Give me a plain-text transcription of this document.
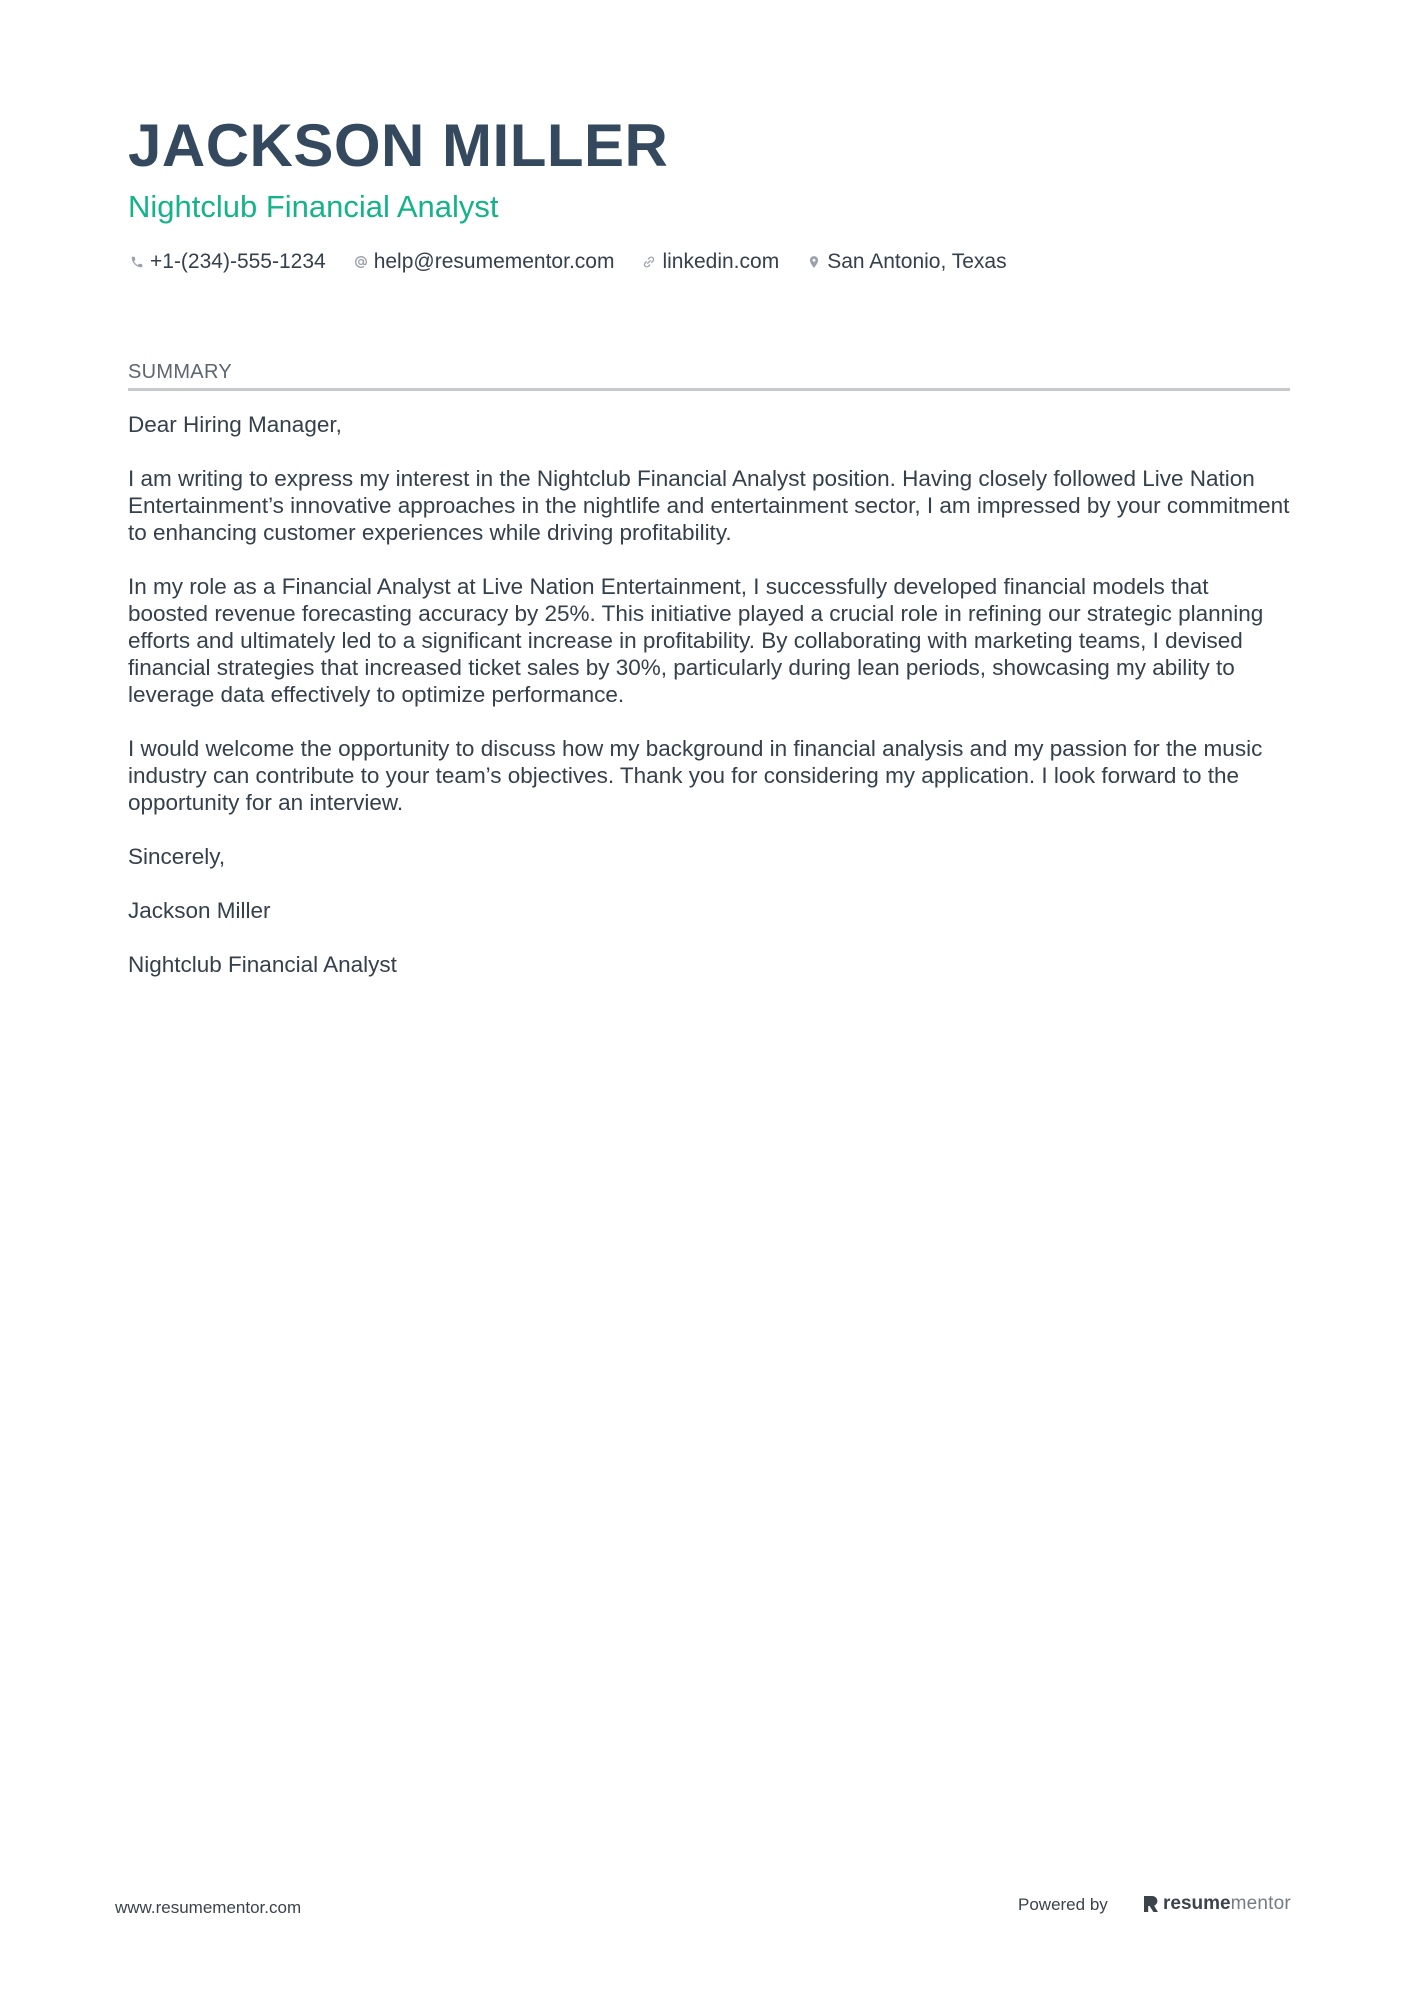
JACKSON MILLER
Nightclub Financial Analyst
+1-(234)-555-1234 help@resumementor.com linkedin.com San Antonio, Texas
SUMMARY

Dear Hiring Manager,

I am writing to express my interest in the Nightclub Financial Analyst position. Having closely followed Live Nation Entertainment’s innovative approaches in the nightlife and entertainment sector, I am impressed by your commitment to enhancing customer experiences while driving profitability.

In my role as a Financial Analyst at Live Nation Entertainment, I successfully developed financial models that boosted revenue forecasting accuracy by 25%. This initiative played a crucial role in refining our strategic planning efforts and ultimately led to a significant increase in profitability. By collaborating with marketing teams, I devised financial strategies that increased ticket sales by 30%, particularly during lean periods, showcasing my ability to leverage data effectively to optimize performance.

I would welcome the opportunity to discuss how my background in financial analysis and my passion for the music industry can contribute to your team’s objectives. Thank you for considering my application. I look forward to the opportunity for an interview.

Sincerely,

Jackson Miller

Nightclub Financial Analyst

www.resumementor.com	Powered by	resume mentor
